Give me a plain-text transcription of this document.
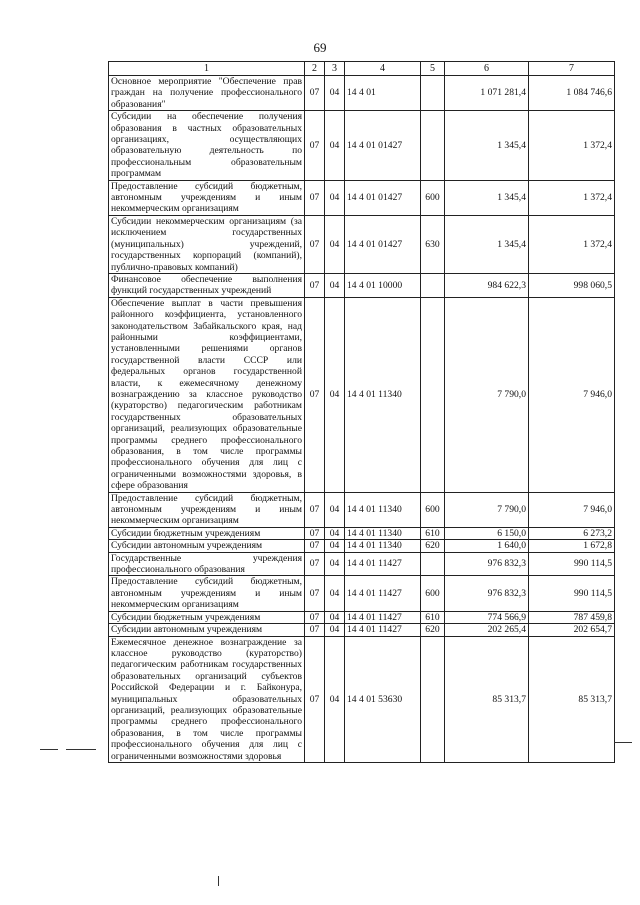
69
1	2	3	4	5	6	7
Основное мероприятие "Обеспечение прав граждан на получение профессионального образования"	07	04	14 4 01		1 071 281,4	1 084 746,6
Субсидии на обеспечение получения образования в частных образовательных организациях, осуществляющих образовательную деятельность по профессиональным образовательным программам	07	04	14 4 01 01427		1 345,4	1 372,4
Предоставление субсидий бюджетным, автономным учреждениям и иным некоммерческим организациям	07	04	14 4 01 01427	600	1 345,4	1 372,4
Субсидии некоммерческим организациям (за исключением государственных (муниципальных) учреждений, государственных корпораций (компаний), публично-правовых компаний)	07	04	14 4 01 01427	630	1 345,4	1 372,4
Финансовое обеспечение выполнения функций государственных учреждений	07	04	14 4 01 10000		984 622,3	998 060,5
Обеспечение выплат в части превышения районного коэффициента, установленного законодательством Забайкальского края, над районными коэффициентами, установленными решениями органов государственной власти СССР или федеральных органов государственной власти, к ежемесячному денежному вознаграждению за классное руководство (кураторство) педагогическим работникам государственных образовательных организаций, реализующих образовательные программы среднего профессионального образования, в том числе программы профессионального обучения для лиц с ограниченными возможностями здоровья, в сфере образования	07	04	14 4 01 11340		7 790,0	7 946,0
Предоставление субсидий бюджетным, автономным учреждениям и иным некоммерческим организациям	07	04	14 4 01 11340	600	7 790,0	7 946,0
Субсидии бюджетным учреждениям	07	04	14 4 01 11340	610	6 150,0	6 273,2
Субсидии автономным учреждениям	07	04	14 4 01 11340	620	1 640,0	1 672,8
Государственные учреждения профессионального образования	07	04	14 4 01 11427		976 832,3	990 114,5
Предоставление субсидий бюджетным, автономным учреждениям и иным некоммерческим организациям	07	04	14 4 01 11427	600	976 832,3	990 114,5
Субсидии бюджетным учреждениям	07	04	14 4 01 11427	610	774 566,9	787 459,8
Субсидии автономным учреждениям	07	04	14 4 01 11427	620	202 265,4	202 654,7
Ежемесячное денежное вознаграждение за классное руководство (кураторство) педагогическим работникам государственных образовательных организаций субъектов Российской Федерации и г. Байконура, муниципальных образовательных организаций, реализующих образовательные программы среднего профессионального образования, в том числе программы профессионального обучения для лиц с ограниченными возможностями здоровья	07	04	14 4 01 53630		85 313,7	85 313,7
